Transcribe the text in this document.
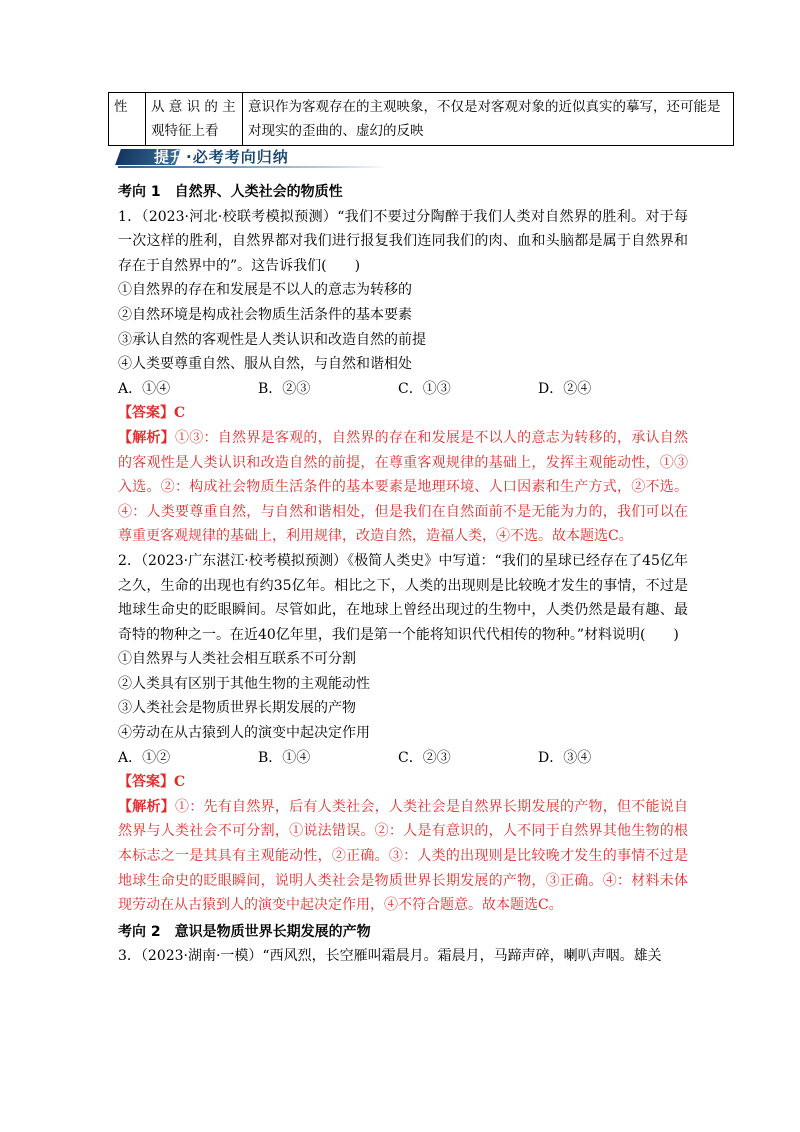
性	从 意 识 的 主观特征上看	意识作为客观存在的主观映象，不仅是对客观对象的近似真实的摹写，还可能是对现实的歪曲的、虚幻的反映
提升·必考考向归纳
考向 1　自然界、人类社会的物质性
1．（2023·河北·校联考模拟预测）“我们不要过分陶醉于我们人类对自然界的胜利。对于每一次这样的胜利，自然界都对我们进行报复我们连同我们的肉、血和头脑都是属于自然界和存在于自然界中的”。这告诉我们(　　)
①自然界的存在和发展是不以人的意志为转移的
②自然环境是构成社会物质生活条件的基本要素
③承认自然的客观性是人类认识和改造自然的前提
④人类要尊重自然、服从自然，与自然和谐相处
A．①④	B．②③	C．①③	D．②④
【答案】C
【解析】①③：自然界是客观的，自然界的存在和发展是不以人的意志为转移的，承认自然的客观性是人类认识和改造自然的前提，在尊重客观规律的基础上，发挥主观能动性，①③入选。②：构成社会物质生活条件的基本要素是地理环境、人口因素和生产方式，②不选。④：人类要尊重自然，与自然和谐相处，但是我们在自然面前不是无能为力的，我们可以在尊重更客观规律的基础上，利用规律，改造自然，造福人类，④不选。故本题选C。
2．（2023·广东湛江·校考模拟预测）《极简人类史》中写道：“我们的星球已经存在了45亿年之久，生命的出现也有约35亿年。相比之下，人类的出现则是比较晚才发生的事情，不过是地球生命史的眨眼瞬间。尽管如此，在地球上曾经出现过的生物中，人类仍然是最有趣、最奇特的物种之一。在近40亿年里，我们是第一个能将知识代代相传的物种。”材料说明(　　)
①自然界与人类社会相互联系不可分割
②人类具有区别于其他生物的主观能动性
③人类社会是物质世界长期发展的产物
④劳动在从古猿到人的演变中起决定作用
A．①②	B．①④	C．②③	D．③④
【答案】C
【解析】①：先有自然界，后有人类社会，人类社会是自然界长期发展的产物，但不能说自然界与人类社会不可分割，①说法错误。②：人是有意识的，人不同于自然界其他生物的根本标志之一是其具有主观能动性，②正确。③：人类的出现则是比较晚才发生的事情不过是地球生命史的眨眼瞬间，说明人类社会是物质世界长期发展的产物，③正确。④：材料未体现劳动在从古猿到人的演变中起决定作用，④不符合题意。故本题选C。
考向 2　意识是物质世界长期发展的产物
3．（2023·湖南·一模）“西风烈，长空雁叫霜晨月。霜晨月，马蹄声碎，喇叭声咽。雄关
